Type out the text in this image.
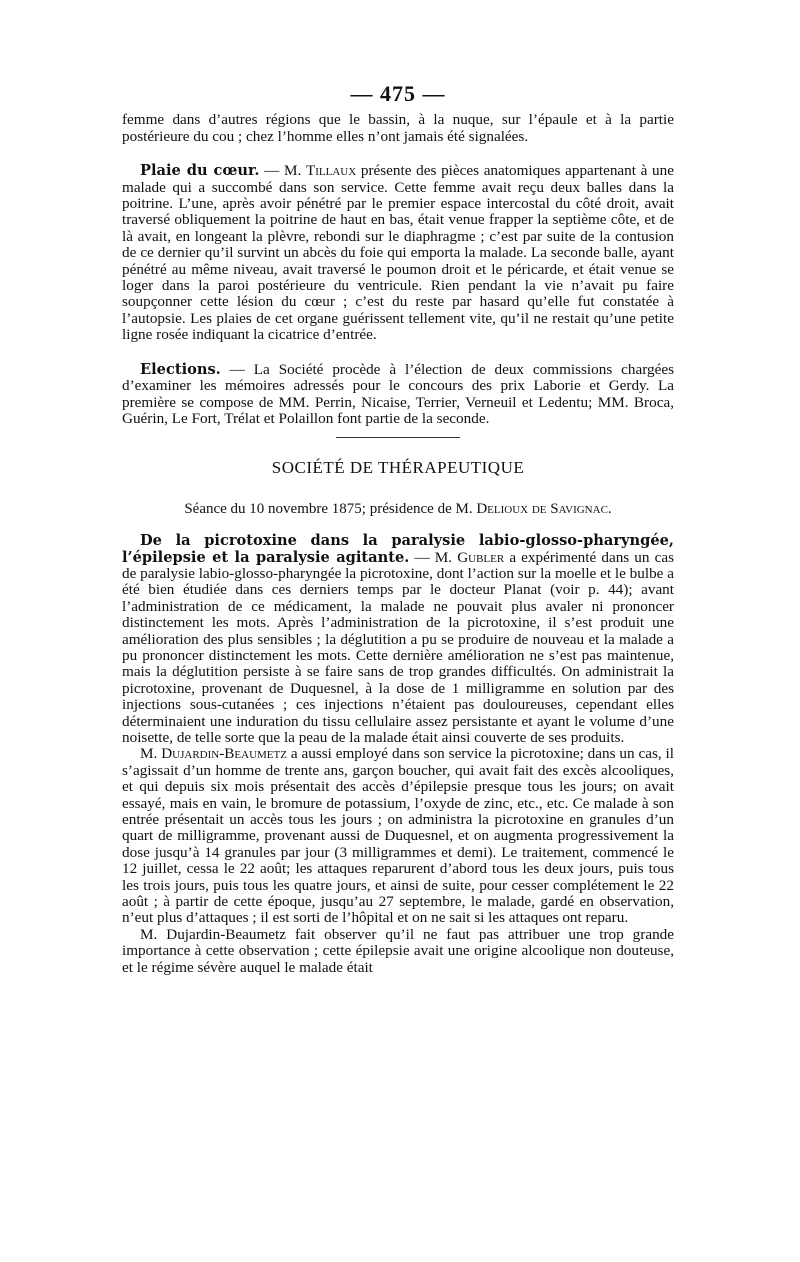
— 475 —

femme dans d’autres régions que le bassin, à la nuque, sur l’épaule et à la partie postérieure du cou ; chez l’homme elles n’ont jamais été signalées.

Plaie du cœur. — M. Tillaux présente des pièces anatomiques appartenant à une malade qui a succombé dans son service. Cette femme avait reçu deux balles dans la poitrine. L’une, après avoir pénétré par le premier espace intercostal du côté droit, avait traversé obliquement la poitrine de haut en bas, était venue frapper la septième côte, et de là avait, en longeant la plèvre, rebondi sur le diaphragme ; c’est par suite de la contusion de ce dernier qu’il survint un abcès du foie qui emporta la malade. La seconde balle, ayant pénétré au même niveau, avait traversé le poumon droit et le péricarde, et était venue se loger dans la paroi postérieure du ventricule. Rien pendant la vie n’avait pu faire soupçonner cette lésion du cœur ; c’est du reste par hasard qu’elle fut constatée à l’autopsie. Les plaies de cet organe guérissent tellement vite, qu’il ne restait qu’une petite ligne rosée indiquant la cicatrice d’entrée.

Elections. — La Société procède à l’élection de deux commissions chargées d’examiner les mémoires adressés pour le concours des prix Laborie et Gerdy. La première se compose de MM. Perrin, Nicaise, Terrier, Verneuil et Ledentu; MM. Broca, Guérin, Le Fort, Trélat et Polaillon font partie de la seconde.

SOCIÉTÉ DE THÉRAPEUTIQUE
Séance du 10 novembre 1875; présidence de M. Delioux de Savignac.

De la picrotoxine dans la paralysie labio-glosso-pharyngée, l’épilepsie et la paralysie agitante. — M. Gubler a expérimenté dans un cas de paralysie labio-glosso-pharyngée la picrotoxine, dont l’action sur la moelle et le bulbe a été bien étudiée dans ces derniers temps par le docteur Planat (voir p. 44); avant l’administration de ce médicament, la malade ne pouvait plus avaler ni prononcer distinctement les mots. Après l’administration de la picrotoxine, il s’est produit une amélioration des plus sensibles ; la déglutition a pu se produire de nouveau et la malade a pu prononcer distinctement les mots. Cette dernière amélioration ne s’est pas maintenue, mais la déglutition persiste à se faire sans de trop grandes difficultés. On administrait la picrotoxine, provenant de Duquesnel, à la dose de 1 milligramme en solution par des injections sous-cutanées ; ces injections n’étaient pas douloureuses, cependant elles déterminaient une induration du tissu cellulaire assez persistante et ayant le volume d’une noisette, de telle sorte que la peau de la malade était ainsi couverte de ses produits.

M. Dujardin-Beaumetz a aussi employé dans son service la picrotoxine; dans un cas, il s’agissait d’un homme de trente ans, garçon boucher, qui avait fait des excès alcooliques, et qui depuis six mois présentait des accès d’épilepsie presque tous les jours; on avait essayé, mais en vain, le bromure de potassium, l’oxyde de zinc, etc., etc. Ce malade à son entrée présentait un accès tous les jours ; on administra la picrotoxine en granules d’un quart de milligramme, provenant aussi de Duquesnel, et on augmenta progressivement la dose jusqu’à 14 granules par jour (3 milligrammes et demi). Le traitement, commencé le 12 juillet, cessa le 22 août; les attaques reparurent d’abord tous les deux jours, puis tous les trois jours, puis tous les quatre jours, et ainsi de suite, pour cesser complétement le 22 août ; à partir de cette époque, jusqu’au 27 septembre, le malade, gardé en observation, n’eut plus d’attaques ; il est sorti de l’hôpital et on ne sait si les attaques ont reparu.

M. Dujardin-Beaumetz fait observer qu’il ne faut pas attribuer une trop grande importance à cette observation ; cette épilepsie avait une origine alcoolique non douteuse, et le régime sévère auquel le malade était
